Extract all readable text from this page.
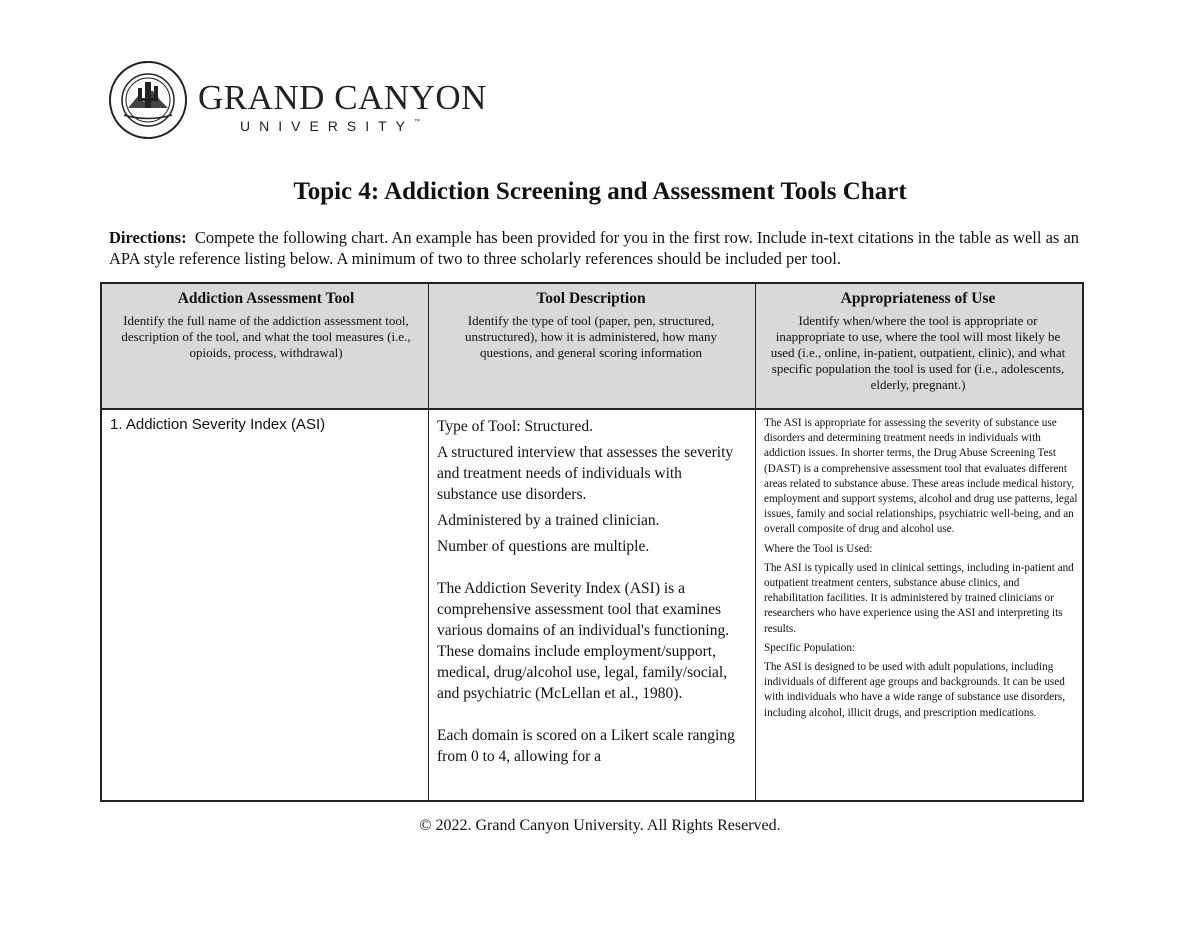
GRAND CANYON
UNIVERSITY™
Topic 4: Addiction Screening and Assessment Tools Chart

Directions: Compete the following chart. An example has been provided for you in the first row. Include in-text citations in the table as well as an APA style reference listing below. A minimum of two to three scholarly references should be included per tool.

Addiction Assessment Tool
Identify the full name of the addiction assessment tool, description of the tool, and what the tool measures (i.e., opioids, process, withdrawal)
Tool Description
Identify the type of tool (paper, pen, structured, unstructured), how it is administered, how many questions, and general scoring information
Appropriateness of Use
Identify when/where the tool is appropriate or inappropriate to use, where the tool will most likely be used (i.e., online, in-patient, outpatient, clinic), and what specific population the tool is used for (i.e., adolescents, elderly, pregnant.)
1. Addiction Severity Index (ASI)	Type of Tool: Structured.

A structured interview that assesses the severity and treatment needs of individuals with substance use disorders.

Administered by a trained clinician.

Number of questions are multiple.

The Addiction Severity Index (ASI) is a comprehensive assessment tool that examines various domains of an individual's functioning. These domains include employment/support, medical, drug/alcohol use, legal, family/social, and psychiatric (McLellan et al., 1980).

Each domain is scored on a Likert scale ranging from 0 to 4, allowing for a

The ASI is appropriate for assessing the severity of substance use disorders and determining treatment needs in individuals with addiction issues. In shorter terms, the Drug Abuse Screening Test (DAST) is a comprehensive assessment tool that evaluates different areas related to substance abuse. These areas include medical history, employment and support systems, alcohol and drug use patterns, legal issues, family and social relationships, psychiatric well-being, and an overall composite of drug and alcohol use.

Where the Tool is Used:

The ASI is typically used in clinical settings, including in-patient and outpatient treatment centers, substance abuse clinics, and rehabilitation facilities. It is administered by trained clinicians or researchers who have experience using the ASI and interpreting its results.

Specific Population:

The ASI is designed to be used with adult populations, including individuals of different age groups and backgrounds. It can be used with individuals who have a wide range of substance use disorders, including alcohol, illicit drugs, and prescription medications.

© 2022. Grand Canyon University. All Rights Reserved.
